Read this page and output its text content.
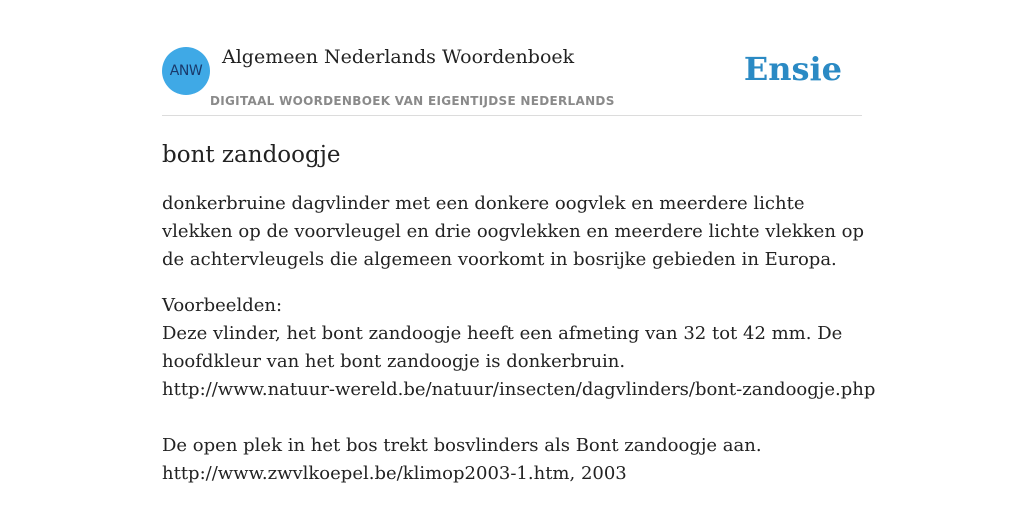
ANW
Algemeen Nederlands Woordenboek
DIGITAAL WOORDENBOEK VAN EIGENTIJDSE NEDERLANDS
Ensie
bont zandoogje

donkerbruine dagvlinder met een donkere oogvlek en meerdere lichte vlekken op de voorvleugel en drie oogvlekken en meerdere lichte vlekken op de achtervleugels die algemeen voorkomt in bosrijke gebieden in Europa.

Voorbeelden:
Deze vlinder, het bont zandoogje heeft een afmeting van 32 tot 42 mm. De
hoofdkleur van het bont zandoogje is donkerbruin.
http://www.natuur-wereld.be/natuur/insecten/dagvlinders/bont-zandoogje.php
De open plek in het bos trekt bosvlinders als Bont zandoogje aan.
http://www.zwvlkoepel.be/klimop2003-1.htm, 2003
